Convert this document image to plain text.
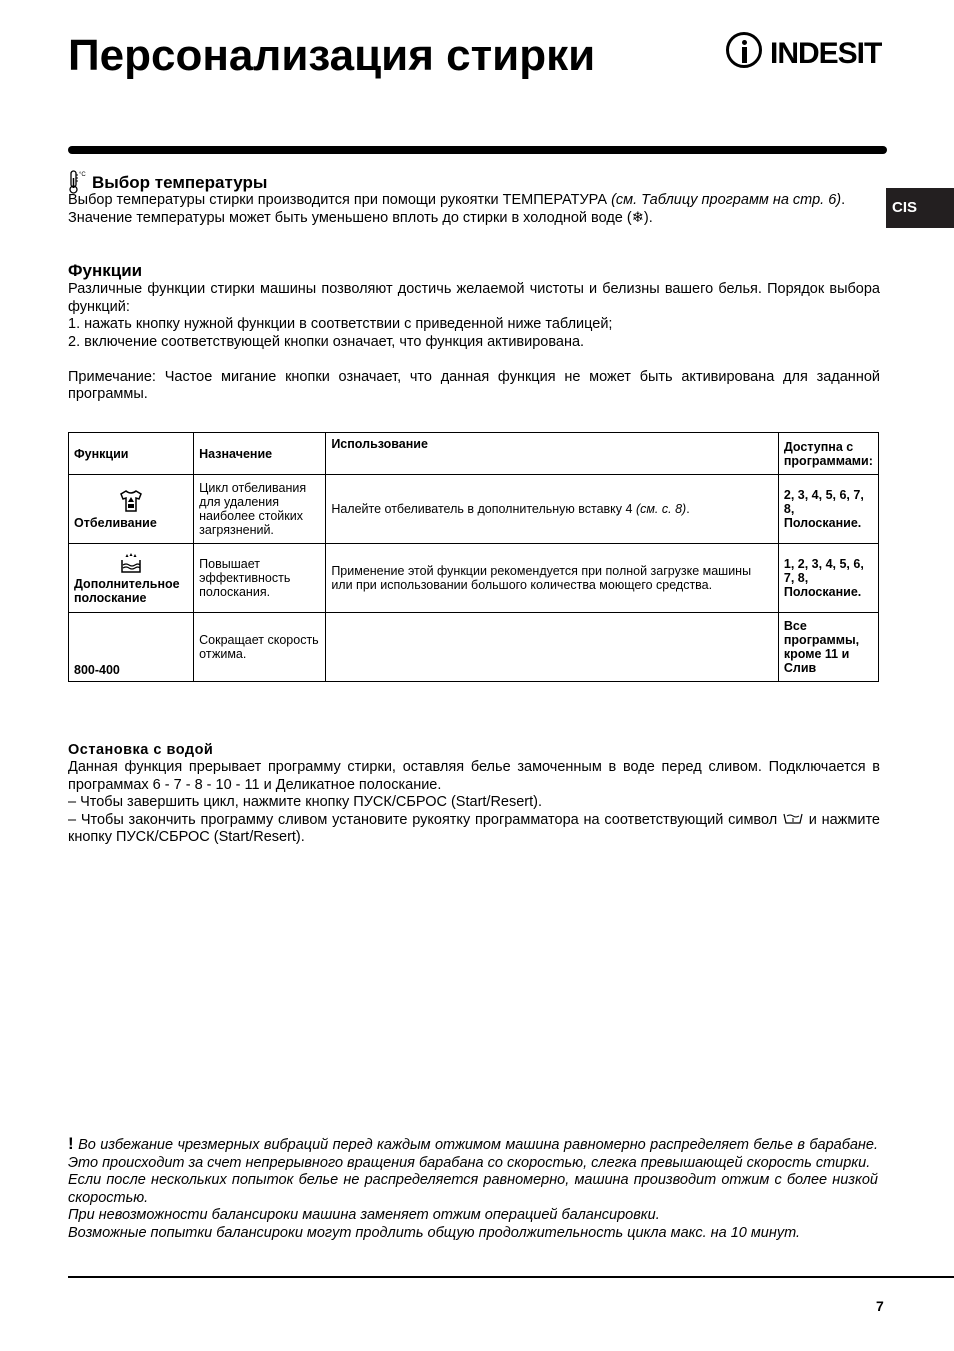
Персонализация стирки	INDESIT
CIS
°C Выбор температуры

Выбор температуры стирки производится при помощи рукоятки ТЕМПЕРАТУРА (см. Таблицу программ на стр. 6).

Значение температуры может быть уменьшено вплоть до стирки в холодной воде (❄).

Функции

Различные функции стирки машины позволяют достичь желаемой чистоты и белизны вашего белья. Порядок выбора функций:

1. нажать кнопку нужной функции в соответствии с приведенной ниже таблицей;

2. включение соответствующей кнопки означает, что функция активирована.

Примечание: Частое мигание кнопки означает, что данная функция не может быть активирована для заданной программы.

Функции	Назначение	Использование	Доступна с программами:

Отбеливание	Цикл отбеливания для удаления наиболее стойких загрязнений.	Налейте отбеливатель в дополнительную вставку 4 (см. с. 8).	2, 3, 4, 5, 6, 7, 8, Полоскание.

Дополнительное полоскание	Повышает эффективность полоскания.	Применение этой функции рекомендуется при полной загрузке машины или при использовании большого количества моющего средства.	1, 2, 3, 4, 5, 6, 7, 8, Полоскание.

800-400	Сокращает скорость отжима.		Все программы, кроме 11 и Слив
Остановка с водой

Данная функция прерывает программу стирки, оставляя белье замоченным в воде перед сливом. Подключается в программах 6 - 7 - 8 - 10 - 11 и Деликатное полоскание.

– Чтобы завершить цикл, нажмите кнопку ПУСК/СБРОС (Start/Resert).

– Чтобы закончить программу сливом установите рукоятку программатора на соответствующий символ  и нажмите кнопку ПУСК/СБРОС (Start/Resert).

! Во избежание чрезмерных вибраций перед каждым отжимом машина равномерно распределяет белье в барабане. Это происходит за счет непрерывного вращения барабана со скоростью, слегка превышающей скорость стирки.

Если после нескольких попыток белье не распределяется равномерно, машина производит отжим с более низкой скоростью.

При невозможности балансироки машина заменяет отжим операцией балансировки.

Возможные попытки балансироки могут продлить общую продолжительность цикла макс. на 10 минут.

7
